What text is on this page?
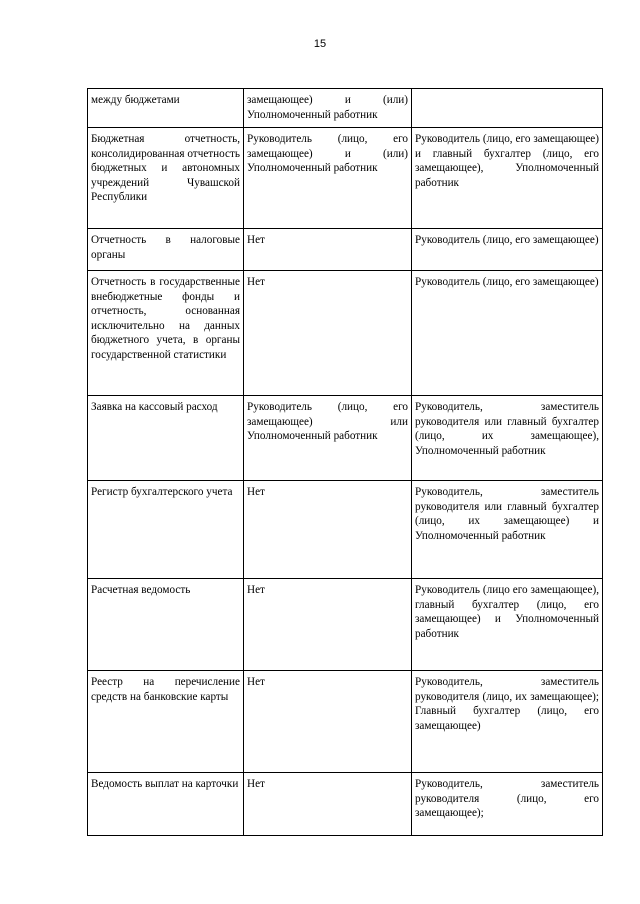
15
между бюджетами	замещающее) и (или) Уполномоченный работник	
Бюджетная отчетность, консолидированная отчетность бюджетных и автономных учреждений Чувашской Республики	Руководитель (лицо, его замещающее) и (или) Уполномоченный работник	Руководитель (лицо, его замещающее) и главный бухгалтер (лицо, его замещающее), Уполномоченный работник
Отчетность в налоговые органы	Нет	Руководитель (лицо, его замещающее)
Отчетность в государственные внебюджетные фонды и отчетность, основанная исключительно на данных бюджетного учета, в органы государственной статистики	Нет	Руководитель (лицо, его замещающее)
Заявка на кассовый расход	Руководитель (лицо, его замещающее) или Уполномоченный работник	Руководитель, заместитель руководителя или главный бухгалтер (лицо, их замещающее), Уполномоченный работник
Регистр бухгалтерского учета	Нет	Руководитель, заместитель руководителя или главный бухгалтер (лицо, их замещающее) и Уполномоченный работник
Расчетная ведомость	Нет	Руководитель (лицо его замещающее), главный бухгалтер (лицо, его замещающее) и Уполномоченный работник
Реестр на перечисление средств на банковские карты	Нет	Руководитель, заместитель руководителя (лицо, их замещающее); Главный бухгалтер (лицо, его замещающее)
Ведомость выплат на карточки	Нет	Руководитель, заместитель руководителя (лицо, его замещающее);
